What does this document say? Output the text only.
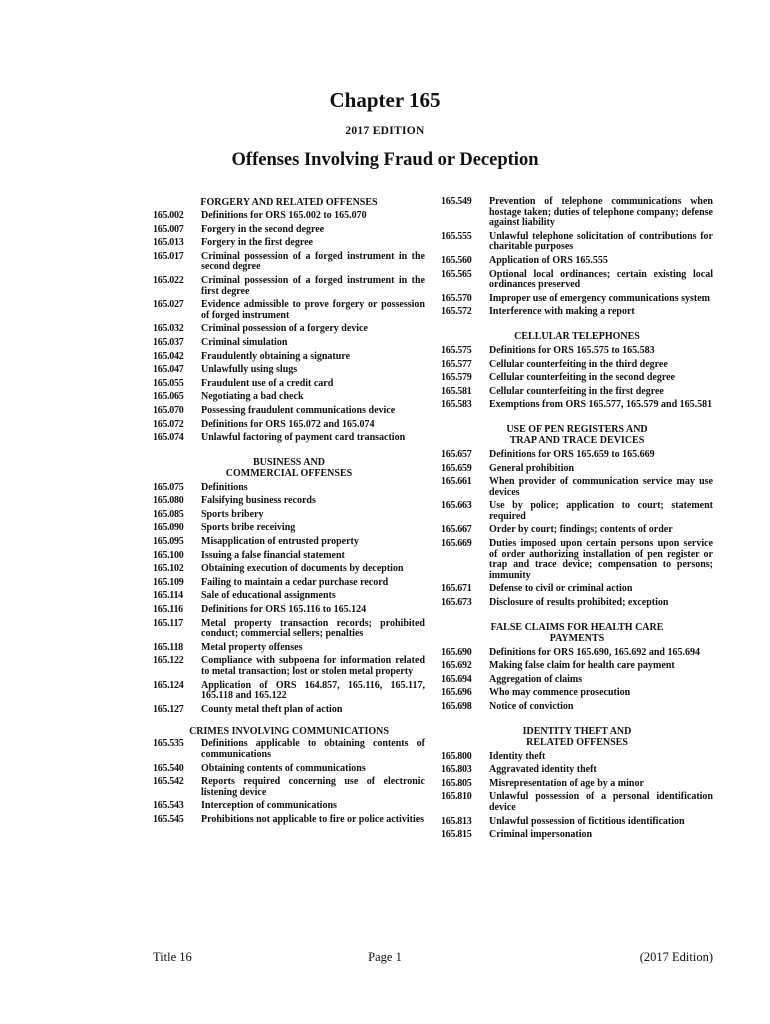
Chapter 165
2017 EDITION
Offenses Involving Fraud or Deception
FORGERY AND RELATED OFFENSES
165.002	Definitions for ORS 165.002 to 165.070
165.007	Forgery in the second degree
165.013	Forgery in the first degree
165.017	Criminal possession of a forged instrument in the second degree
165.022	Criminal possession of a forged instrument in the first degree
165.027	Evidence admissible to prove forgery or possession of forged instrument
165.032	Criminal possession of a forgery device
165.037	Criminal simulation
165.042	Fraudulently obtaining a signature
165.047	Unlawfully using slugs
165.055	Fraudulent use of a credit card
165.065	Negotiating a bad check
165.070	Possessing fraudulent communications device
165.072	Definitions for ORS 165.072 and 165.074
165.074	Unlawful factoring of payment card transaction
BUSINESS AND
COMMERCIAL OFFENSES
165.075	Definitions
165.080	Falsifying business records
165.085	Sports bribery
165.090	Sports bribe receiving
165.095	Misapplication of entrusted property
165.100	Issuing a false financial statement
165.102	Obtaining execution of documents by deception
165.109	Failing to maintain a cedar purchase record
165.114	Sale of educational assignments
165.116	Definitions for ORS 165.116 to 165.124
165.117	Metal property transaction records; prohibited conduct; commercial sellers; penalties
165.118	Metal property offenses
165.122	Compliance with subpoena for information related to metal transaction; lost or stolen metal property
165.124	Application of ORS 164.857, 165.116, 165.117, 165.118 and 165.122
165.127	County metal theft plan of action
CRIMES INVOLVING COMMUNICATIONS
165.535	Definitions applicable to obtaining contents of communications
165.540	Obtaining contents of communications
165.542	Reports required concerning use of electronic listening device
165.543	Interception of communications
165.545	Prohibitions not applicable to fire or police activities
165.549	Prevention of telephone communications when hostage taken; duties of telephone company; defense against liability
165.555	Unlawful telephone solicitation of contributions for charitable purposes
165.560	Application of ORS 165.555
165.565	Optional local ordinances; certain existing local ordinances preserved
165.570	Improper use of emergency communications system
165.572	Interference with making a report
CELLULAR TELEPHONES
165.575	Definitions for ORS 165.575 to 165.583
165.577	Cellular counterfeiting in the third degree
165.579	Cellular counterfeiting in the second degree
165.581	Cellular counterfeiting in the first degree
165.583	Exemptions from ORS 165.577, 165.579 and 165.581
USE OF PEN REGISTERS AND
TRAP AND TRACE DEVICES
165.657	Definitions for ORS 165.659 to 165.669
165.659	General prohibition
165.661	When provider of communication service may use devices
165.663	Use by police; application to court; statement required
165.667	Order by court; findings; contents of order
165.669	Duties imposed upon certain persons upon service of order authorizing installation of pen register or trap and trace device; compensation to persons; immunity
165.671	Defense to civil or criminal action
165.673	Disclosure of results prohibited; exception
FALSE CLAIMS FOR HEALTH CARE
PAYMENTS
165.690	Definitions for ORS 165.690, 165.692 and 165.694
165.692	Making false claim for health care payment
165.694	Aggregation of claims
165.696	Who may commence prosecution
165.698	Notice of conviction
IDENTITY THEFT AND
RELATED OFFENSES
165.800	Identity theft
165.803	Aggravated identity theft
165.805	Misrepresentation of age by a minor
165.810	Unlawful possession of a personal identification device
165.813	Unlawful possession of fictitious identification
165.815	Criminal impersonation
Title 16	Page 1	(2017 Edition)
